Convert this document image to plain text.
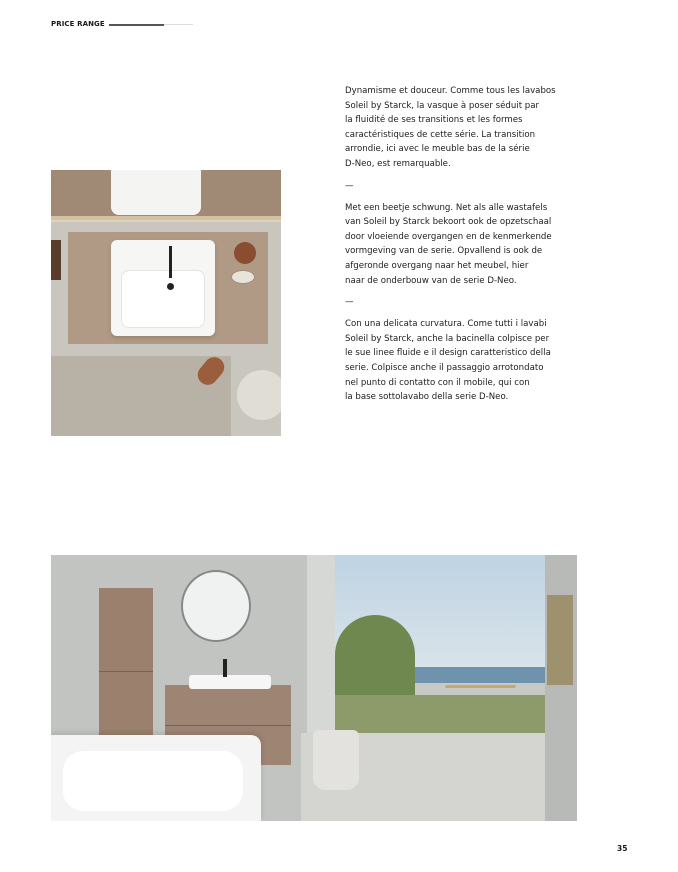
PRICE RANGE
Dynamisme et douceur. Comme tous les lavabos
Soleil by Starck, la vasque à poser séduit par
la fluidité de ses transitions et les formes
caractéristiques de cette série. La transition
arrondie, ici avec le meuble bas de la série
D-Neo, est remarquable.
—
Met een beetje schwung. Net als alle wastafels
van Soleil by Starck bekoort ook de opzetschaal
door vloeiende overgangen en de kenmerkende
vormgeving van de serie. Opvallend is ook de
afgeronde overgang naar het meubel, hier
naar de onderbouw van de serie D-Neo.
—
Con una delicata curvatura. Come tutti i lavabi
Soleil by Starck, anche la bacinella colpisce per
le sue linee fluide e il design caratteristico della
serie. Colpisce anche il passaggio arrotondato
nel punto di contatto con il mobile, qui con
la base sottolavabo della serie D-Neo.
35
